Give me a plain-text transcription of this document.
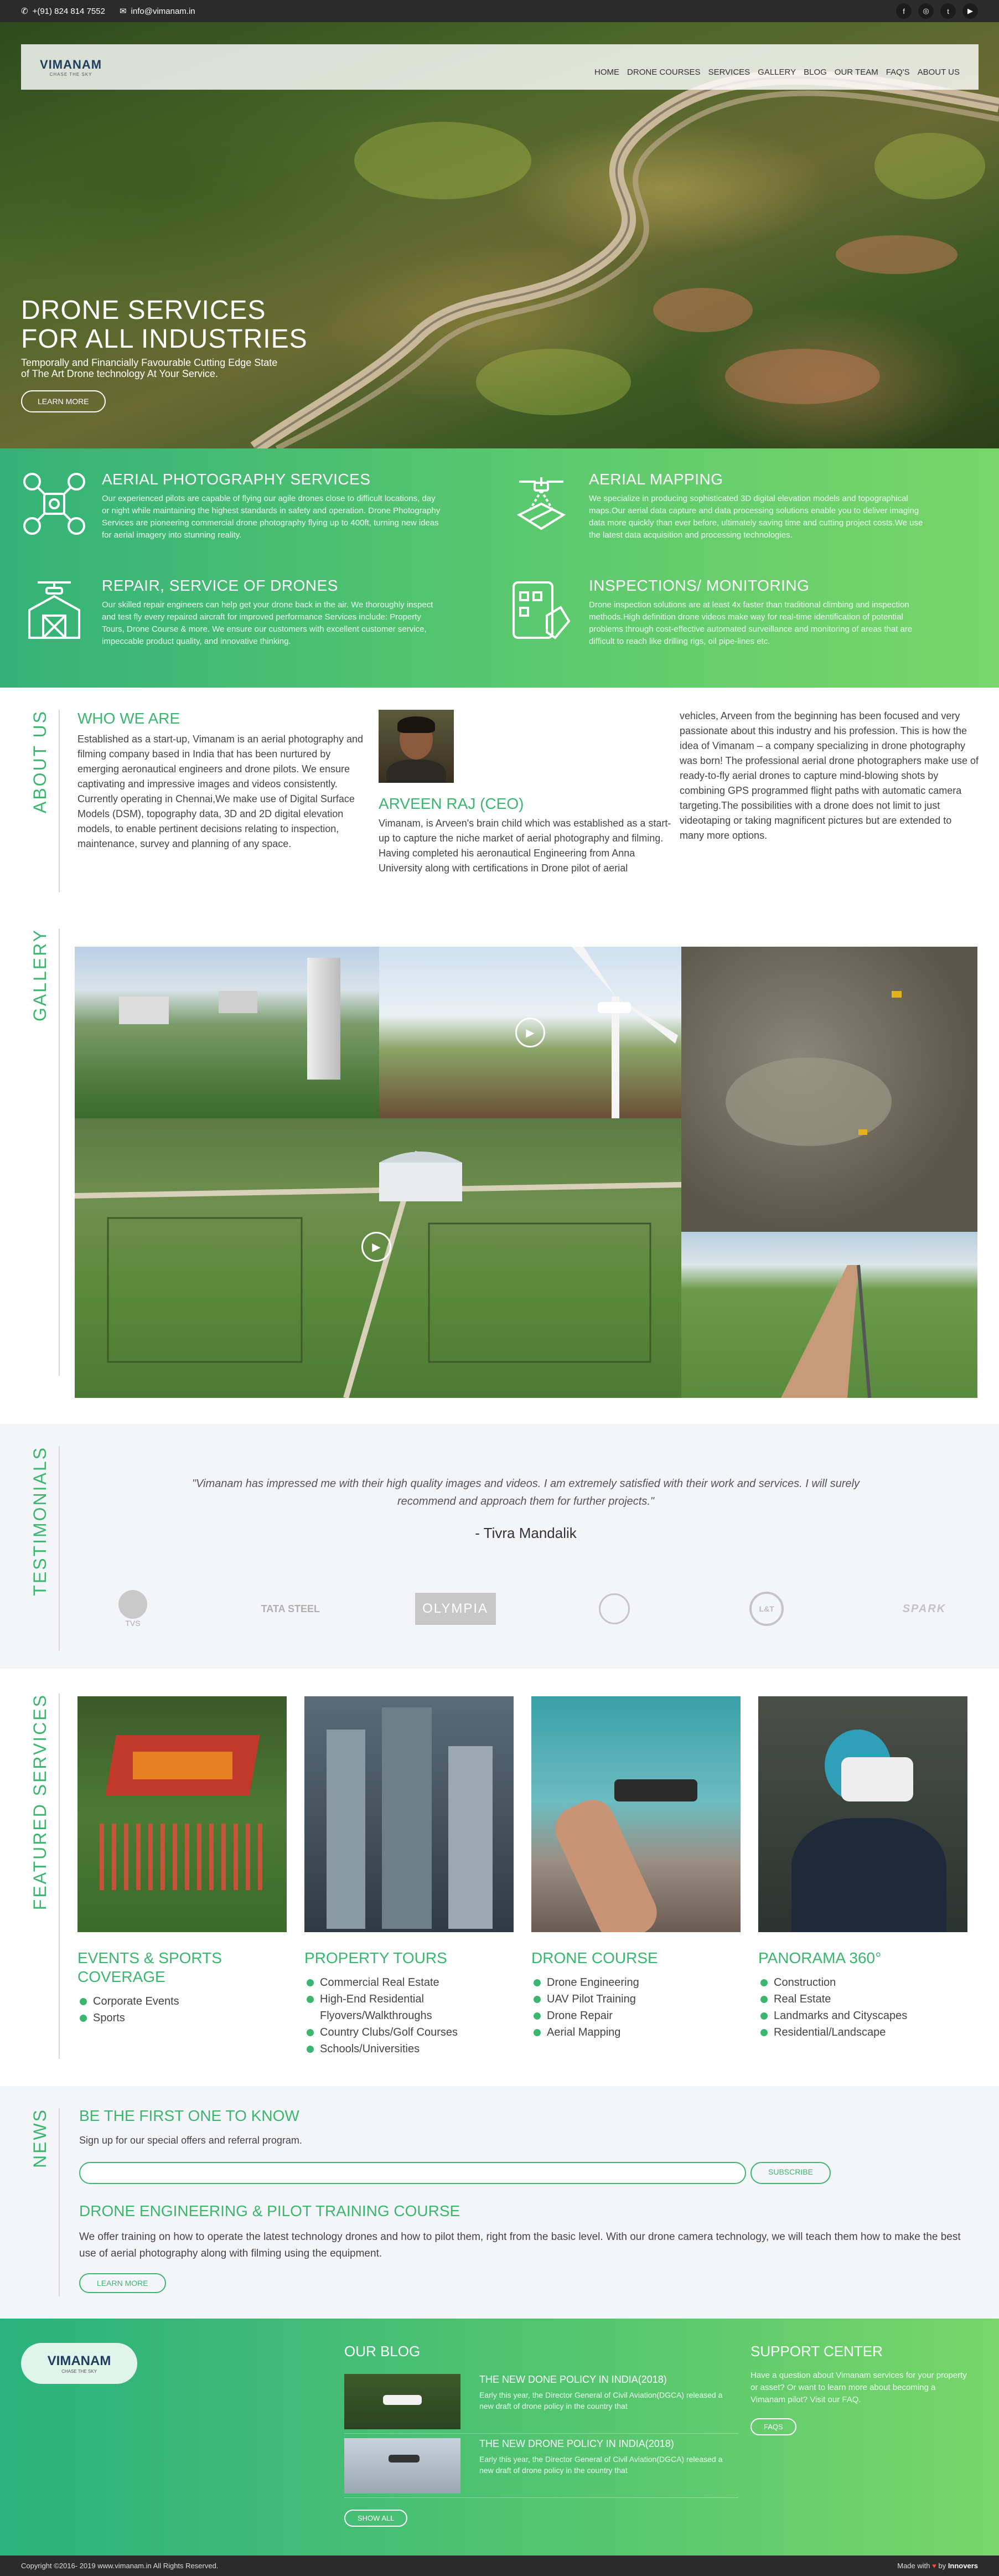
✆ +(91) 824 814 7552 ✉ info@vimanam.in	f	◎	t	▶
VIMANAM
CHASE THE SKY	HOME DRONE COURSES SERVICES GALLERY BLOG OUR TEAM FAQ'S ABOUT US
DRONE SERVICES
FOR ALL INDUSTRIES

Temporally and Financially Favourable Cutting Edge State of The Art Drone technology At Your Service.

LEARN MORE
AERIAL PHOTOGRAPHY SERVICES

Our experienced pilots are capable of flying our agile drones close to difficult locations, day or night while maintaining the highest standards in safety and operation. Drone Photography Services are pioneering commercial drone photography flying up to 400ft, turning new ideas for aerial imagery into stunning reality.

AERIAL MAPPING

We specialize in producing sophisticated 3D digital elevation models and topographical maps.Our aerial data capture and data processing solutions enable you to deliver imaging data more quickly than ever before, ultimately saving time and cutting project costs.We use the latest data acquisition and processing technologies.

REPAIR, SERVICE OF DRONES

Our skilled repair engineers can help get your drone back in the air. We thoroughly inspect and test fly every repaired aircraft for improved performance Services include: Property Tours, Drone Course & more. We ensure our customers with excellent customer service, impeccable product quality, and innovative thinking.

INSPECTIONS/ MONITORING

Drone inspection solutions are at least 4x faster than traditional climbing and inspection methods.High definition drone videos make way for real-time identification of potential problems through cost-effective automated surveillance and monitoring of areas that are difficult to reach like drilling rigs, oil pipe-lines etc.

ABOUT US WHO WE ARE

Established as a start-up, Vimanam is an aerial photography and filming company based in India that has been nurtured by emerging aeronautical engineers and drone pilots. We ensure captivating and impressive images and videos consistently. Currently operating in Chennai,We make use of Digital Surface Models (DSM), topography data, 3D and 2D digital elevation models, to enable pertinent decisions relating to inspection, maintenance, survey and planning of any space.

ARVEEN RAJ (CEO)

Vimanam, is Arveen's brain child which was established as a start-up to capture the niche market of aerial photography and filming. Having completed his aeronautical Engineering from Anna University along with certifications in Drone pilot of aerial

vehicles, Arveen from the beginning has been focused and very passionate about this industry and his profession. This is how the idea of Vimanam – a company specializing in drone photography was born! The professional aerial drone photographers make use of ready-to-fly aerial drones to capture mind-blowing shots by combining GPS programmed flight paths with automatic camera targeting.The possibilities with a drone does not limit to just videotaping or taking magnificent pictures but are extended to many more options.

GALLERY
▶
▶
TESTIMONIALS	"Vimanam has impressed me with their high quality images and videos. I am extremely satisfied with their work and services. I will surely recommend and approach them for further projects."

- Tivra Mandalik

TVS
TATA STEEL	OLYMPIA	L&T	SPARK
FEATURED SERVICES
EVENTS & SPORTS COVERAGE
Corporate Events
Sports
PROPERTY TOURS
Commercial Real Estate
High-End Residential Flyovers/Walkthroughs
Country Clubs/Golf Courses
Schools/Universities
DRONE COURSE
Drone Engineering
UAV Pilot Training
Drone Repair
Aerial Mapping
PANORAMA 360°
Construction
Real Estate
Landmarks and Cityscapes
Residential/Landscape
NEWS BE THE FIRST ONE TO KNOW

Sign up for our special offers and referral program.

SUBSCRIBE
DRONE ENGINEERING & PILOT TRAINING COURSE

We offer training on how to operate the latest technology drones and how to pilot them, right from the basic level. With our drone camera technology, we will teach them how to make the best use of aerial photography along with filming using the equipment.

LEARN MORE
VIMANAM
CHASE THE SKY
OUR BLOG
THE NEW DONE POLICY IN INDIA(2018)

Early this year, the Director General of Civil Aviation(DGCA) released a new draft of drone policy in the country that

THE NEW DRONE POLICY IN INDIA(2018)

Early this year, the Director General of Civil Aviation(DGCA) released a new draft of drone policy in the country that

SHOW ALL
SUPPORT CENTER

Have a question about Vimanam services for your property or asset? Or want to learn more about becoming a Vimanam pilot? Visit our FAQ.

FAQS
Copyright ©2016- 2019 www.vimanam.in All Rights Reserved.	Made with ♥ by Innovers
